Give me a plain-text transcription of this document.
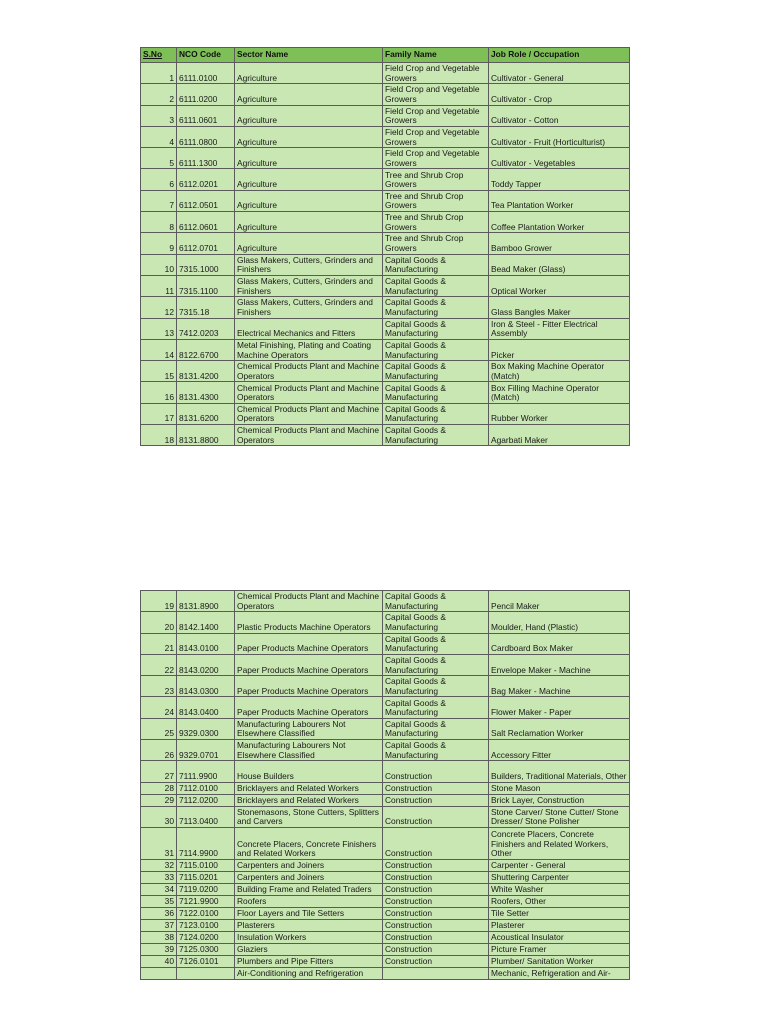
S.No	NCO Code	Sector Name	Family Name	Job Role / Occupation
1	6111.0100	Agriculture	Field Crop and Vegetable Growers	Cultivator - General
2	6111.0200	Agriculture	Field Crop and Vegetable Growers	Cultivator - Crop
3	6111.0601	Agriculture	Field Crop and Vegetable Growers	Cultivator - Cotton
4	6111.0800	Agriculture	Field Crop and Vegetable Growers	Cultivator - Fruit (Horticulturist)
5	6111.1300	Agriculture	Field Crop and Vegetable Growers	Cultivator - Vegetables
6	6112.0201	Agriculture	Tree and Shrub Crop Growers	Toddy Tapper
7	6112.0501	Agriculture	Tree and Shrub Crop Growers	Tea Plantation Worker
8	6112.0601	Agriculture	Tree and Shrub Crop Growers	Coffee Plantation Worker
9	6112.0701	Agriculture	Tree and Shrub Crop Growers	Bamboo Grower
10	7315.1000	Glass Makers, Cutters, Grinders and Finishers	Capital Goods & Manufacturing	Bead Maker (Glass)
11	7315.1100	Glass Makers, Cutters, Grinders and Finishers	Capital Goods & Manufacturing	Optical Worker
12	7315.18	Glass Makers, Cutters, Grinders and Finishers	Capital Goods & Manufacturing	Glass Bangles Maker
13	7412.0203	Electrical Mechanics and Fitters	Capital Goods & Manufacturing	Iron & Steel - Fitter Electrical Assembly
14	8122.6700	Metal Finishing, Plating and Coating Machine Operators	Capital Goods & Manufacturing	Picker
15	8131.4200	Chemical Products Plant and Machine Operators	Capital Goods & Manufacturing	Box Making Machine Operator (Match)
16	8131.4300	Chemical Products Plant and Machine Operators	Capital Goods & Manufacturing	Box Filling Machine Operator (Match)
17	8131.6200	Chemical Products Plant and Machine Operators	Capital Goods & Manufacturing	Rubber Worker
18	8131.8800	Chemical Products Plant and Machine Operators	Capital Goods & Manufacturing	Agarbati Maker
19	8131.8900	Chemical Products Plant and Machine Operators	Capital Goods & Manufacturing	Pencil Maker
20	8142.1400	Plastic Products Machine Operators	Capital Goods & Manufacturing	Moulder, Hand (Plastic)
21	8143.0100	Paper Products Machine Operators	Capital Goods & Manufacturing	Cardboard Box Maker
22	8143.0200	Paper Products Machine Operators	Capital Goods & Manufacturing	Envelope Maker - Machine
23	8143.0300	Paper Products Machine Operators	Capital Goods & Manufacturing	Bag Maker - Machine
24	8143.0400	Paper Products Machine Operators	Capital Goods & Manufacturing	Flower Maker - Paper
25	9329.0300	Manufacturing Labourers Not Elsewhere Classified	Capital Goods & Manufacturing	Salt Reclamation Worker
26	9329.0701	Manufacturing Labourers Not Elsewhere Classified	Capital Goods & Manufacturing	Accessory Fitter
27	7111.9900	House Builders	Construction	Builders, Traditional Materials, Other
28	7112.0100	Bricklayers and Related Workers	Construction	Stone Mason
29	7112.0200	Bricklayers and Related Workers	Construction	Brick Layer, Construction
30	7113.0400	Stonemasons, Stone Cutters, Splitters and Carvers	Construction	Stone Carver/ Stone Cutter/ Stone Dresser/ Stone Polisher
31	7114.9900	Concrete Placers, Concrete Finishers and Related Workers	Construction	Concrete Placers, Concrete Finishers and Related Workers, Other
32	7115.0100	Carpenters and Joiners	Construction	Carpenter - General
33	7115.0201	Carpenters and Joiners	Construction	Shuttering Carpenter
34	7119.0200	Building Frame and Related Traders	Construction	White Washer
35	7121.9900	Roofers	Construction	Roofers, Other
36	7122.0100	Floor Layers and Tile Setters	Construction	Tile Setter
37	7123.0100	Plasterers	Construction	Plasterer
38	7124.0200	Insulation Workers	Construction	Acoustical Insulator
39	7125.0300	Glaziers	Construction	Picture Framer
40	7126.0101	Plumbers and Pipe Fitters	Construction	Plumber/ Sanitation Worker
		Air-Conditioning and Refrigeration		Mechanic, Refrigeration and Air-
